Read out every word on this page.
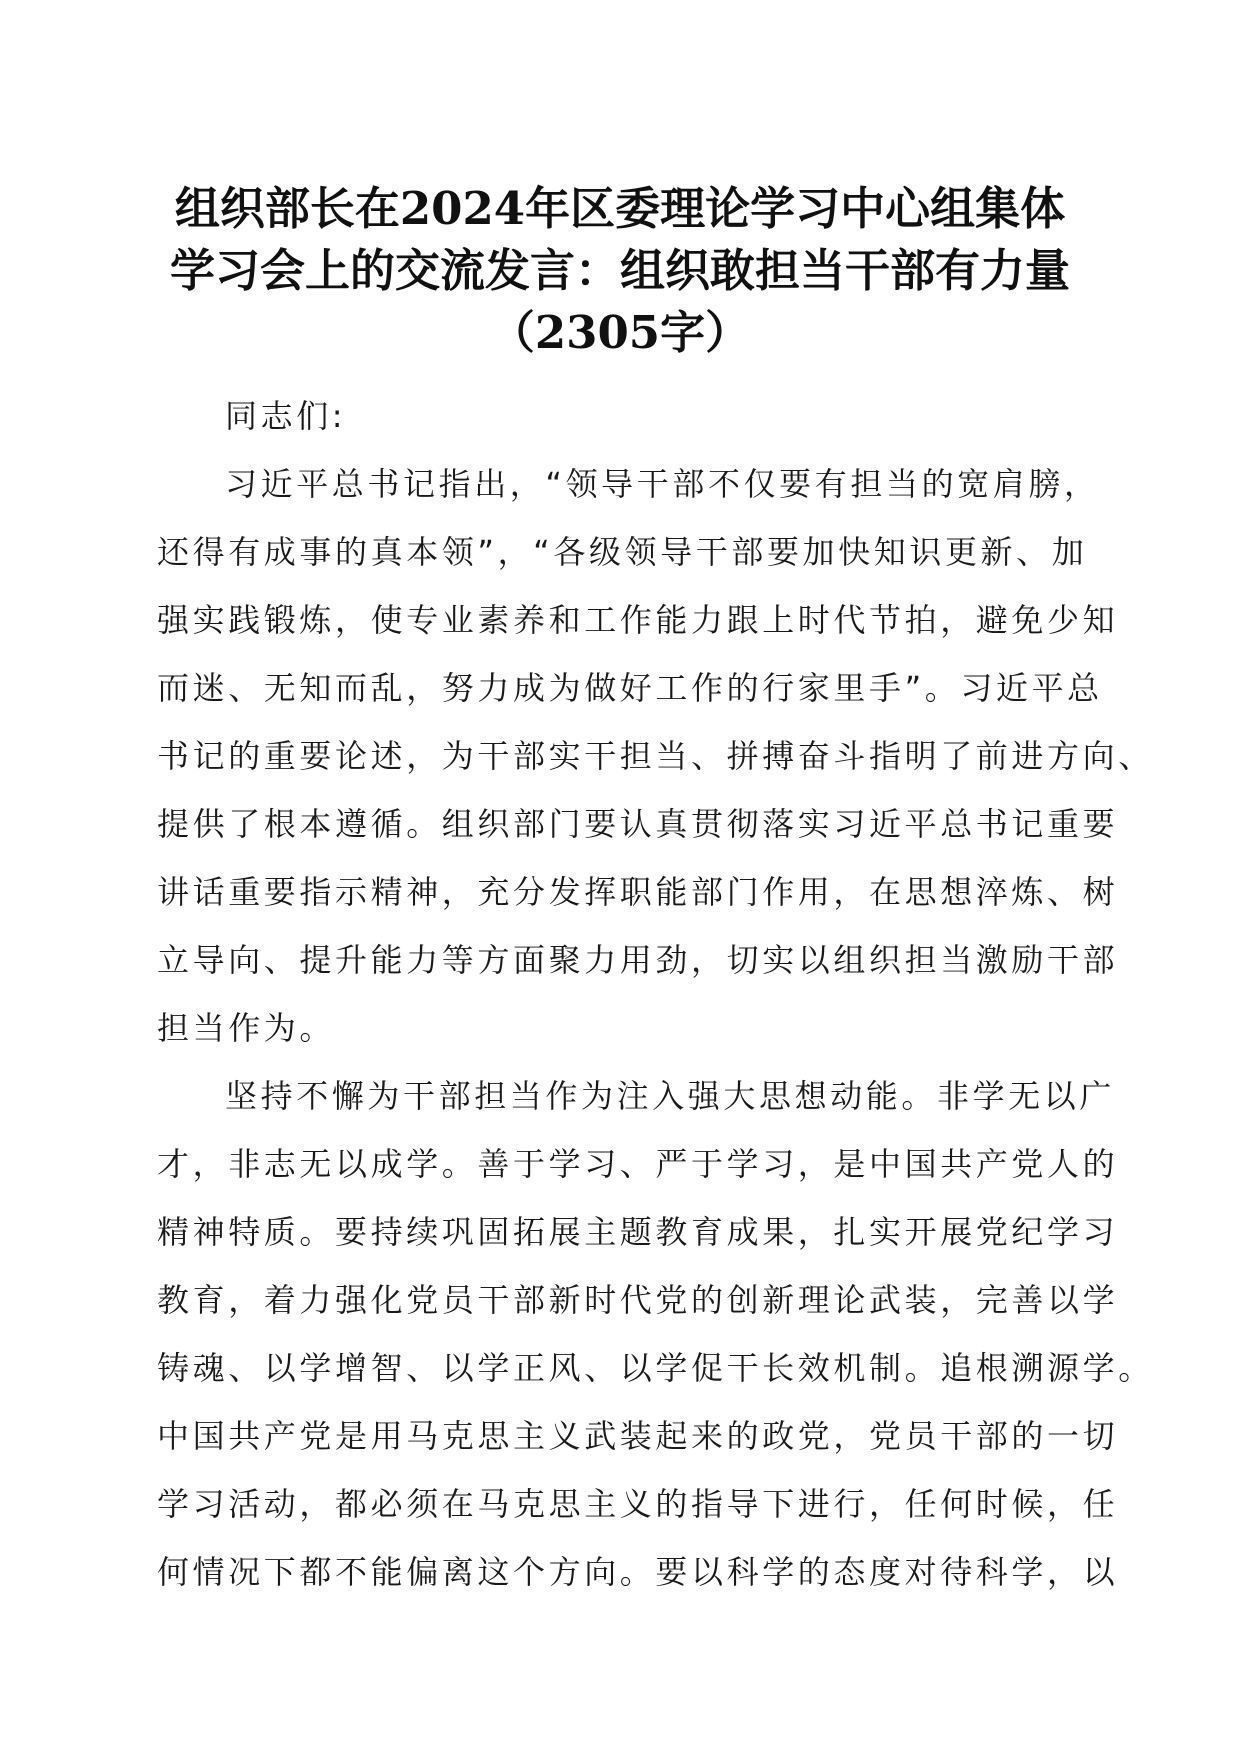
组织部长在2024年区委理论学习中心组集体
学习会上的交流发言：组织敢担当干部有力量
（2305字）

同志们:

习近平总书记指出，“领导干部不仅要有担当的宽肩膀，
还得有成事的真本领”，“各级领导干部要加快知识更新、加
强实践锻炼，使专业素养和工作能力跟上时代节拍，避免少知
而迷、无知而乱，努力成为做好工作的行家里手”。习近平总
书记的重要论述，为干部实干担当、拼搏奋斗指明了前进方向、
提供了根本遵循。组织部门要认真贯彻落实习近平总书记重要
讲话重要指示精神，充分发挥职能部门作用，在思想淬炼、树
立导向、提升能力等方面聚力用劲，切实以组织担当激励干部
担当作为。
坚持不懈为干部担当作为注入强大思想动能。非学无以广
才，非志无以成学。善于学习、严于学习，是中国共产党人的
精神特质。要持续巩固拓展主题教育成果，扎实开展党纪学习
教育，着力强化党员干部新时代党的创新理论武装，完善以学
铸魂、以学增智、以学正风、以学促干长效机制。追根溯源学。
中国共产党是用马克思主义武装起来的政党，党员干部的一切
学习活动，都必须在马克思主义的指导下进行，任何时候，任
何情况下都不能偏离这个方向。要以科学的态度对待科学，以
